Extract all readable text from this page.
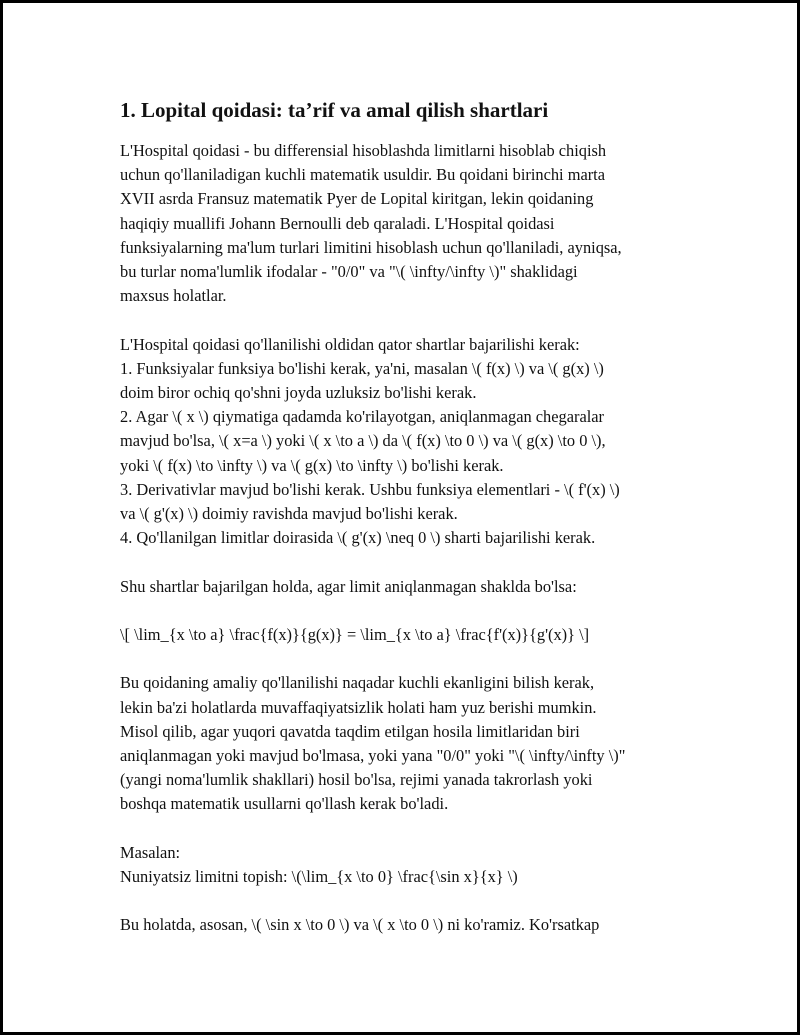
1. Lopital qoidasi: ta’rif va amal qilish shartlari

L'Hospital qoidasi - bu differensial hisoblashda limitlarni hisoblab chiqish
uchun qo'llaniladigan kuchli matematik usuldir. Bu qoidani birinchi marta
XVII asrda Fransuz matematik Pyer de Lopital kiritgan, lekin qoidaning
haqiqiy muallifi Johann Bernoulli deb qaraladi. L'Hospital qoidasi
funksiyalarning ma'lum turlari limitini hisoblash uchun qo'llaniladi, ayniqsa,
bu turlar noma'lumlik ifodalar - "0/0" va "\( \infty/\infty \)" shaklidagi
maxsus holatlar.

L'Hospital qoidasi qo'llanilishi oldidan qator shartlar bajarilishi kerak:
1. Funksiyalar funksiya bo'lishi kerak, ya'ni, masalan \( f(x) \) va \( g(x) \)
doim biror ochiq qo'shni joyda uzluksiz bo'lishi kerak.
2. Agar \( x \) qiymatiga qadamda ko'rilayotgan, aniqlanmagan chegaralar
mavjud bo'lsa, \( x=a \) yoki \( x \to a \) da \( f(x) \to 0 \) va \( g(x) \to 0 \),
yoki \( f(x) \to \infty \) va \( g(x) \to \infty \) bo'lishi kerak.
3. Derivativlar mavjud bo'lishi kerak. Ushbu funksiya elementlari - \( f'(x) \)
va \( g'(x) \) doimiy ravishda mavjud bo'lishi kerak.
4. Qo'llanilgan limitlar doirasida \( g'(x) \neq 0 \) sharti bajarilishi kerak.

Shu shartlar bajarilgan holda, agar limit aniqlanmagan shaklda bo'lsa:

\[ \lim_{x \to a} \frac{f(x)}{g(x)} = \lim_{x \to a} \frac{f'(x)}{g'(x)} \]

Bu qoidaning amaliy qo'llanilishi naqadar kuchli ekanligini bilish kerak,
lekin ba'zi holatlarda muvaffaqiyatsizlik holati ham yuz berishi mumkin.
Misol qilib, agar yuqori qavatda taqdim etilgan hosila limitlaridan biri
aniqlanmagan yoki mavjud bo'lmasa, yoki yana "0/0" yoki "\( \infty/\infty \)"
(yangi noma'lumlik shakllari) hosil bo'lsa, rejimi yanada takrorlash yoki
boshqa matematik usullarni qo'llash kerak bo'ladi.

Masalan:
Nuniyatsiz limitni topish: \(\lim_{x \to 0} \frac{\sin x}{x} \)

Bu holatda, asosan, \( \sin x \to 0 \) va \( x \to 0 \) ni ko'ramiz. Ko'rsatkap
